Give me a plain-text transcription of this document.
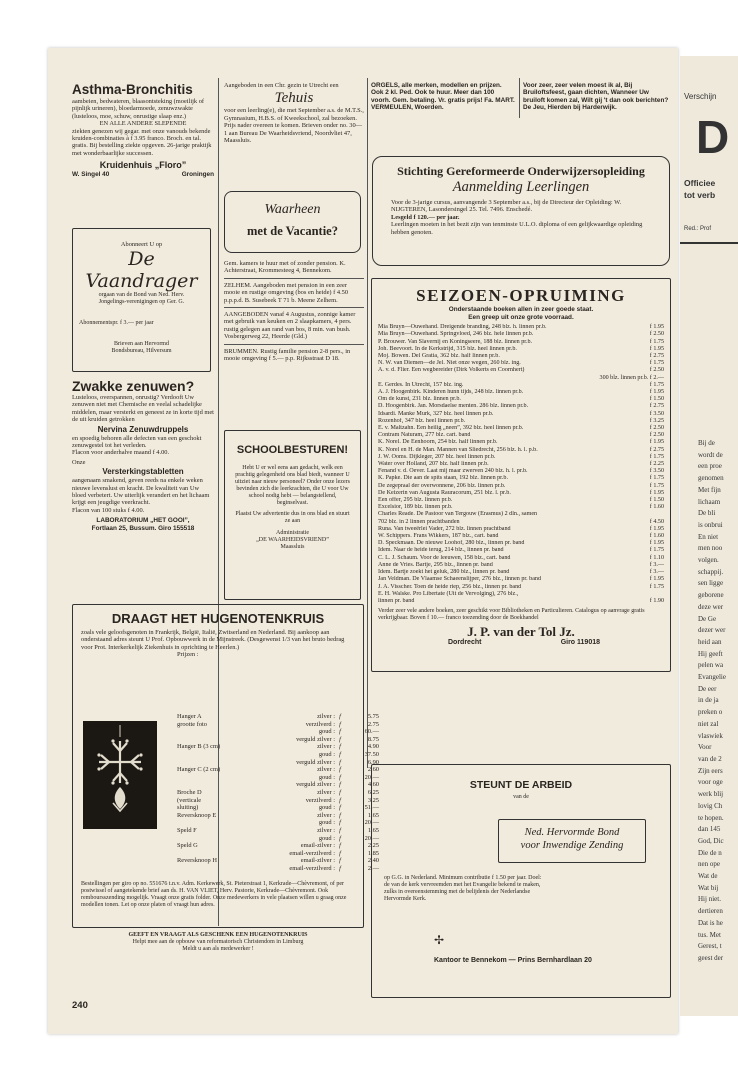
Asthma-Bronchitis
aambeien, bedwateren, blaasontsteking (moeilijk of pijnlijk urineren), bloedarmoede, zenuwzwakte (lusteloos, moe, schuw, onrustige slaap enz.)
EN ALLE ANDERE SLEPENDE
ziekten genezen wij gegar. met onze vanouds bekende kruiden-combinaties à f 3.95 franco. Broch. en tal. gratis. Bij bestelling ziekte opgeven. 26-jarige praktijk met wonderbaarlijke successen.
Kruidenhuis „Floro”
W. Singel 40	Groningen
Abonneert U op
De Vaandrager
orgaan van de Bond van Ned. Herv. Jongelings-verenigingen op Ger. G.
Abonnementspr. f 3.— per jaar
Brieven aan Hervormd Bondsbureau, Hilversum
Zwakke zenuwen?
Lusteloos, overspannen, onrustig? Verdooft Uw zenuwen niet met Chemische en veelal schadelijke middelen, maar versterkt en geneest ze in korte tijd met de uit kruiden getrokken
Nervina Zenuwdruppels
en spoedig behoren alle defecten van een geschokt zenuwgestel tot het verleden.
Flacon voor anderhalve maand f 4.00.
Onze
Versterkingstabletten
aangenaam smakend, geven reeds na enkele weken nieuwe levenslust en kracht. De kwaliteit van Uw bloed verbetert. Uw uiterlijk verandert en het lichaam krijgt een jeugdige veerkracht.
Flacon van 100 stuks f 4.00.
LABORATORIUM „HET GOOI”,
Fortlaan 25, Bussum. Giro 155518
Aangeboden in een Chr. gezin te Utrecht een
Tehuis
voor een leerling(e), die met September a.s. de M.T.S., Gymnasium, H.B.S. of Kweekschool, zal bezoeken. Prijs nader overeen te komen. Brieven onder no. 30—1 aan Bureau De Waarheidsvriend, Noordvliet 47, Maassluis.
Waarheen
met de Vacantie?
Gem. kamers te huur met of zonder pension. K. Achterstraat, Krommesteeg 4, Bennekom.
ZELHEM. Aangeboden met pension in een zeer mooie en rustige omgeving (bos en heide) f 4.50 p.p.p.d. B. Susebeek T 71 b. Meene Zelhem.
AANGEBODEN vanaf 4 Augustus, zonnige kamer met gebruik van keuken en 2 slaapkamers, 4 pers. rustig gelegen aan rand van bos, 8 min. van bush. Vosbergerweg 22, Heerde (Gld.)
BRUMMEN. Rustig familie pension 2-8 pers., in mooie omgeving f 5.— p.p. Rijksstraat D 18.
SCHOOLBESTUREN!
Hebt U er wel eens aan gedacht, welk een prachtig gelegenheid ons blad biedt, wanneer U uitziet naar nieuw personeel? Onder onze lezers bevinden zich die leerkrachten, die U voor Uw school nodig hebt — belangstellend, beginselvast.
Plaatst Uw advertentie dus in ons blad en stuurt ze aan
Administratie
„DE WAARHEIDSVRIEND”
Maassluis
ORGELS, alle merken, modellen en prijzen. Ook 2 kl. Ped. Ook te huur. Meer dan 100 voorh. Gem. betaling. Vr. gratis prijs! Fa. MART. VERMEULEN, Woerden.
Voor zeer, zeer velen moest ik al, Bij Bruiloftsfeest, gaan dichten, Wanneer Uw bruiloft komen zal, Wilt gij 't dan ook berichten? De Jeu, Hierden bij Harderwijk.
Stichting Gereformeerde Onderwijzersopleiding
Aanmelding Leerlingen
Voor de 3-jarige cursus, aanvangende 3 September a.s., bij de Directeur der Opleiding: W. NIJGTEREN, Lasondersingel 25. Tel. 7496. Enschedé.
Lesgeld f 120.— per jaar.
Leerlingen moeten in het bezit zijn van tenminste U.L.O. diploma of een gelijkwaardige opleiding hebben genoten.
SEIZOEN-OPRUIMING
Onderstaande boeken allen in zeer goede staat.
Een greep uit onze grote voorraad.
Mia Bruyn—Ouwehand. Dreigende branding, 248 blz. h. linnen pr.b.	f 1.95
Mia Bruyn—Ouwehand. Springvloed, 246 blz. hele linnen pr.b.	f 2.50
P. Brouwer. Van Slavernij en Koningseere, 188 blz. linnen pr.b.	f 1.75
Joh. Beevoort. In de Kerkstrijd, 315 blz. heel linnen pr.b.	f 1.95
Moj. Bowen. Del Gratia, 362 blz. half linnen pr.b.	f 2.75
N. W. van Diemen—de Jel. Niet onze wegen, 260 blz. ing.	f 1.75
A. v. d. Flier. Een wegbereider (Dirk Volkerts en Coornhert)	f 2.50
300 blz. linnen pr.b. f 2.—
E. Gerdes. In Utrecht, 157 blz. ing.	f 1.75
A. J. Hoogenbirk. Kinderen hunn tijds, 248 blz. linnen pr.b.	f 1.95
Om de kunst, 231 blz. linnen pr.b.	f 1.50
D. Hoogenbirk. Jan. Morsdaelse menten. 286 blz. linnen pr.b.	f 2.75
Idsardi. Manke Murk, 327 blz. heel linnen pr.b.	f 3.50
Rozenhof, 347 blz. heel linnen pr.b.	f 3.25
E. v. Maltzahn. Een heilig „neen”, 392 blz. heel linnen pr.b.	f 2.50
Contram Naturam, 277 blz. cart. band	f 2.50
K. Norel. De Eenhoorn, 254 blz. half linnen pr.b.	f 1.95
K. Norel en H. de Man. Mannen van Sliedrecht, 256 blz. h. l. p.b.	f 2.75
J. W. Ooms. Dijkleger, 207 blz. heel linnen pr.b.	f 1.75
Water over Holland, 207 blz. half linnen pr.b.	f 2.25
Fenand v. d. Oever. Laat mij maar zwerven 240 blz. h. l. pr.b.	f 3.50
K. Papke. Die aan de spits staan, 192 blz. linnen pr.b.	f 1.75
De zegepraal der overwonnene, 206 blz. linnen pr.b.	f 1.75
De Keizerin van Augusta Rauracorum, 251 blz. l. pr.b.	f 1.95
Een offer, 295 blz. linnen pr.b.	f 1.50
Excelsior, 189 blz. linnen pr.b.	f 1.60
Charles Reade. De Pastoor van Tergouw (Erasmus) 2 dln., samen
702 blz. in 2 linnen prachtbanden	f 4.50
Runa. Van tweeërlei Vader, 272 blz. linnen prachtband	f 1.95
W. Schippers. Frans Wikkers, 187 blz., cart. band	f 1.60
D. Speckmaan. De nieuwe Loohof, 280 blz., linnen pr. band	f 1.95
Idem. Naar de heide terug, 214 blz., linnen pr. band	f 1.75
C. L. J. Schaum. Voor de leeuwen, 158 blz., cart. band	f 1.10
Anne de Vries. Bartje, 295 blz., linnen pr. band	f 3.—
Idem. Bartje zoekt het geluk, 280 blz., linnen pr. band	f 3.—
Jan Veldman. De Vlaamse Schaeenslijper, 276 blz., linnen pr. band	f 1.95
J. A. Visscher. Toen de heide riep, 256 blz., linnen pr. band	f 1.75
E. H. Walske. Pro Libertate (Uit de Vervolging), 276 blz.,
linnen pr. band	f 1.90
Verder zeer vele andere boeken, zeer geschikt voor Bibliotheken en Particulieren. Catalogus op aanvrage gratis verkrijgbaar. Boven f 10.— franco toezending door de Boekhandel
J. P. van der Tol Jz.
Dordrecht	Giro 119018
DRAAGT HET HUGENOTENKRUIS
zoals vele geloofsgenoten in Frankrijk, België, Italië, Zwitserland en Nederland. Bij aankoop aan onderstaand adres steunt U Prof. Opbouwwerk in de Mijnstreek. (Desgewenst 1/3 van het bruto bedrag voor Prot. Interkerkelijk Ziekenhuis in oprichting te Heerlen.)
Prijzen :
Hanger A	zilver : f	5.75
grootte foto	verzilverd : f	2.75
goud : f	60.—
verguld zilver : f	8.75
Hanger B (3 cm)	zilver : f	4.90
goud : f	37.50
verguld zilver : f	6.90
Hanger C (2 cm)	zilver : f	2.60
goud : f	20.—
verguld zilver : f	4.60
Broche D	zilver : f	6.25
(verticale	verzilverd : f	3.25
sluiting)	goud : f	51.—
Reversknoop E	zilver : f	1.65
goud : f	20.—
Speld F	zilver : f	1.65
goud : f	20.—
Speld G	email-zilver : f	2.25
email-verzilverd : f	1.85
Reversknoop H	email-zilver : f	2.40
email-verzilverd : f	2.—
Bestellingen per giro op no. 551676 t.n.v. Adm. Kerkewerk, St. Pieterstraat 1, Kerkrade—Chèvremont, of per postwissel of aangetekende brief aan ds. H. VAN VLIET, Herv. Pastorie, Kerkrade—Chèvremont. Ook remboursszending mogelijk. Vraagt onze gratis folder. Onze medewerkers in vele plaatsen willen u graag onze modellen tonen. Let op onze platen of vraagt hun adres.
GEEFT EN VRAAGT ALS GESCHENK EEN HUGENOTENKRUIS
Helpt mee aan de opbouw van reformatorisch Christendom in Limburg
Meldt u aan als medewerker !
STEUNT DE ARBEID
van de
Ned. Hervormde Bond
voor Inwendige Zending
op G.G. in Nederland. Minimum contributie f 1.50 per jaar. Doel: de van de kerk vervreemden met het Evangelie bekend te maken, zulks in overeenstemming met de belijdenis der Nederlandse Hervormde Kerk.
✢
Kantoor te Bennekom — Prins Bernhardlaan 20
240
Verschijn
D
Officiee
tot verb
Red.: Prof
Bij de
wordt de
een proe
genomen
Met fijn
lichaam
De bli
is onbrui
En niet
men noo
volgen.
schappij.
sen ligge
geborene
deze wer
De Ge
dezer wer
heid aan
Hij geeft
pelen wa
Evangelie
De eer
in de ja
preken o
niet zal
vlaswiek
Voor
van de 2
Zijn eers
voor oge
werk blij
lovig Ch
te hopen.
dan 145
God, Dic
Die de n
nen ope
Wat de
Wat bij
Hij niet.
dertieren
Dat is he
tus. Met
Gerest, t
geest der
